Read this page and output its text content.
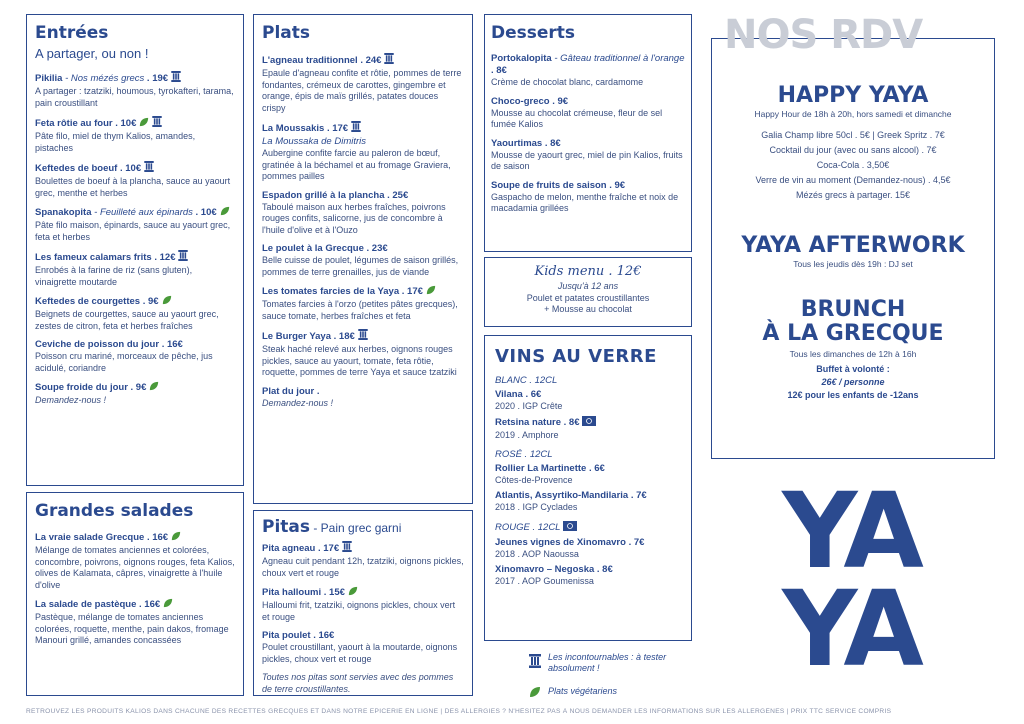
Entrées
A partager, ou non !
Pikilia - Nos mézés grecs . 19€
A partager : tzatziki, houmous, tyrokafteri, tarama, pain croustillant
Feta rôtie au four . 10€
Pâte filo, miel de thym Kalios, amandes, pistaches
Keftedes de boeuf . 10€
Boulettes de boeuf à la plancha, sauce au yaourt grec, menthe et herbes
Spanakopita - Feuilleté aux épinards . 10€
Pâte filo maison, épinards, sauce au yaourt grec, feta et herbes
Les fameux calamars frits . 12€
Enrobés à la farine de riz (sans gluten), vinaigrette moutarde
Keftedes de courgettes . 9€
Beignets de courgettes, sauce au yaourt grec, zestes de citron, feta et herbes fraîches
Ceviche de poisson du jour . 16€
Poisson cru mariné, morceaux de pêche, jus acidulé, coriandre
Soupe froide du jour . 9€
Demandez-nous !
Grandes salades
La vraie salade Grecque . 16€
Mélange de tomates anciennes et colorées, concombre, poivrons, oignons rouges, feta Kalios, olives de Kalamata, câpres, vinaigrette à l'huile d'olive
La salade de pastèque . 16€
Pastèque, mélange de tomates anciennes colorées, roquette, menthe, pain dakos, fromage Manouri grillé, amandes concassées
Plats
L'agneau traditionnel . 24€
Epaule d'agneau confite et rôtie, pommes de terre fondantes, crémeux de carottes, gingembre et orange, épis de maïs grillés, patates douces crispy
La Moussakis . 17€
La Moussaka de Dimitris
Aubergine confite farcie au paleron de bœuf, gratinée à la béchamel et au fromage Graviera, pommes pailles
Espadon grillé à la plancha . 25€
Taboulé maison aux herbes fraîches, poivrons rouges confits, salicorne, jus de concombre à l'huile d'olive et à l'Ouzo
Le poulet à la Grecque . 23€
Belle cuisse de poulet, légumes de saison grillés, pommes de terre grenailles, jus de viande
Les tomates farcies de la Yaya . 17€
Tomates farcies à l'orzo (petites pâtes grecques), sauce tomate, herbes fraîches et feta
Le Burger Yaya . 18€
Steak haché relevé aux herbes, oignons rouges pickles, sauce au yaourt, tomate, feta rôtie, roquette, pommes de terre Yaya et sauce tzatziki
Plat du jour .
Demandez-nous !
Pitas - Pain grec garni
Pita agneau . 17€
Agneau cuit pendant 12h, tzatziki, oignons pickles, choux vert et rouge
Pita halloumi . 15€
Halloumi frit, tzatziki, oignons pickles, choux vert et rouge
Pita poulet . 16€
Poulet croustillant, yaourt à la moutarde, oignons pickles, choux vert et rouge
Toutes nos pitas sont servies avec des pommes de terre croustillantes.
Desserts
Portokalopita - Gâteau traditionnel à l'orange . 8€
Crème de chocolat blanc, cardamome
Choco-greco . 9€
Mousse au chocolat crémeuse, fleur de sel fumée Kalios
Yaourtimas . 8€
Mousse de yaourt grec, miel de pin Kalios, fruits de saison
Soupe de fruits de saison . 9€
Gaspacho de melon, menthe fraîche et noix de macadamia grillées
Kids menu . 12€
Jusqu'à 12 ans
Poulet et patates croustillantes
+ Mousse au chocolat
VINS AU VERRE
BLANC . 12CL
Vilana . 6€
2020 . IGP Crête
Retsina nature . 8€
2019 . Amphore
ROSÉ . 12CL
Rollier La Martinette . 6€
Côtes-de-Provence
Atlantis, Assyrtiko-Mandilaria . 7€
2018 . IGP Cyclades
ROUGE . 12CL
Jeunes vignes de Xinomavro . 7€
2018 . AOP Naoussa
Xinomavro – Negoska . 8€
2017 . AOP Goumenissa
Les incontournables : à tester absolument !
Plats végétariens
NOS RDV
HAPPY YAYA
Happy Hour de 18h à 20h, hors samedi et dimanche
Galia Champ libre 50cl . 5€ | Greek Spritz . 7€
Cocktail du jour (avec ou sans alcool) . 7€
Coca-Cola . 3,50€
Verre de vin au moment (Demandez-nous) . 4,5€
Mézés grecs à partager. 15€
YAYA AFTERWORK
Tous les jeudis dès 19h : DJ set
BRUNCH
À LA GRECQUE
Tous les dimanches de 12h à 16h
Buffet à volonté :
26€ / personne
12€ pour les enfants de -12ans
YA
YA
RETROUVEZ LES PRODUITS KALIOS DANS CHACUNE DES RECETTES GRECQUES ET DANS NOTRE EPICERIE EN LIGNE | DES ALLERGIES ? N'HÉSITEZ PAS À NOUS DEMANDER LES INFORMATIONS SUR LES ALLERGÈNES | PRIX TTC SERVICE COMPRIS
